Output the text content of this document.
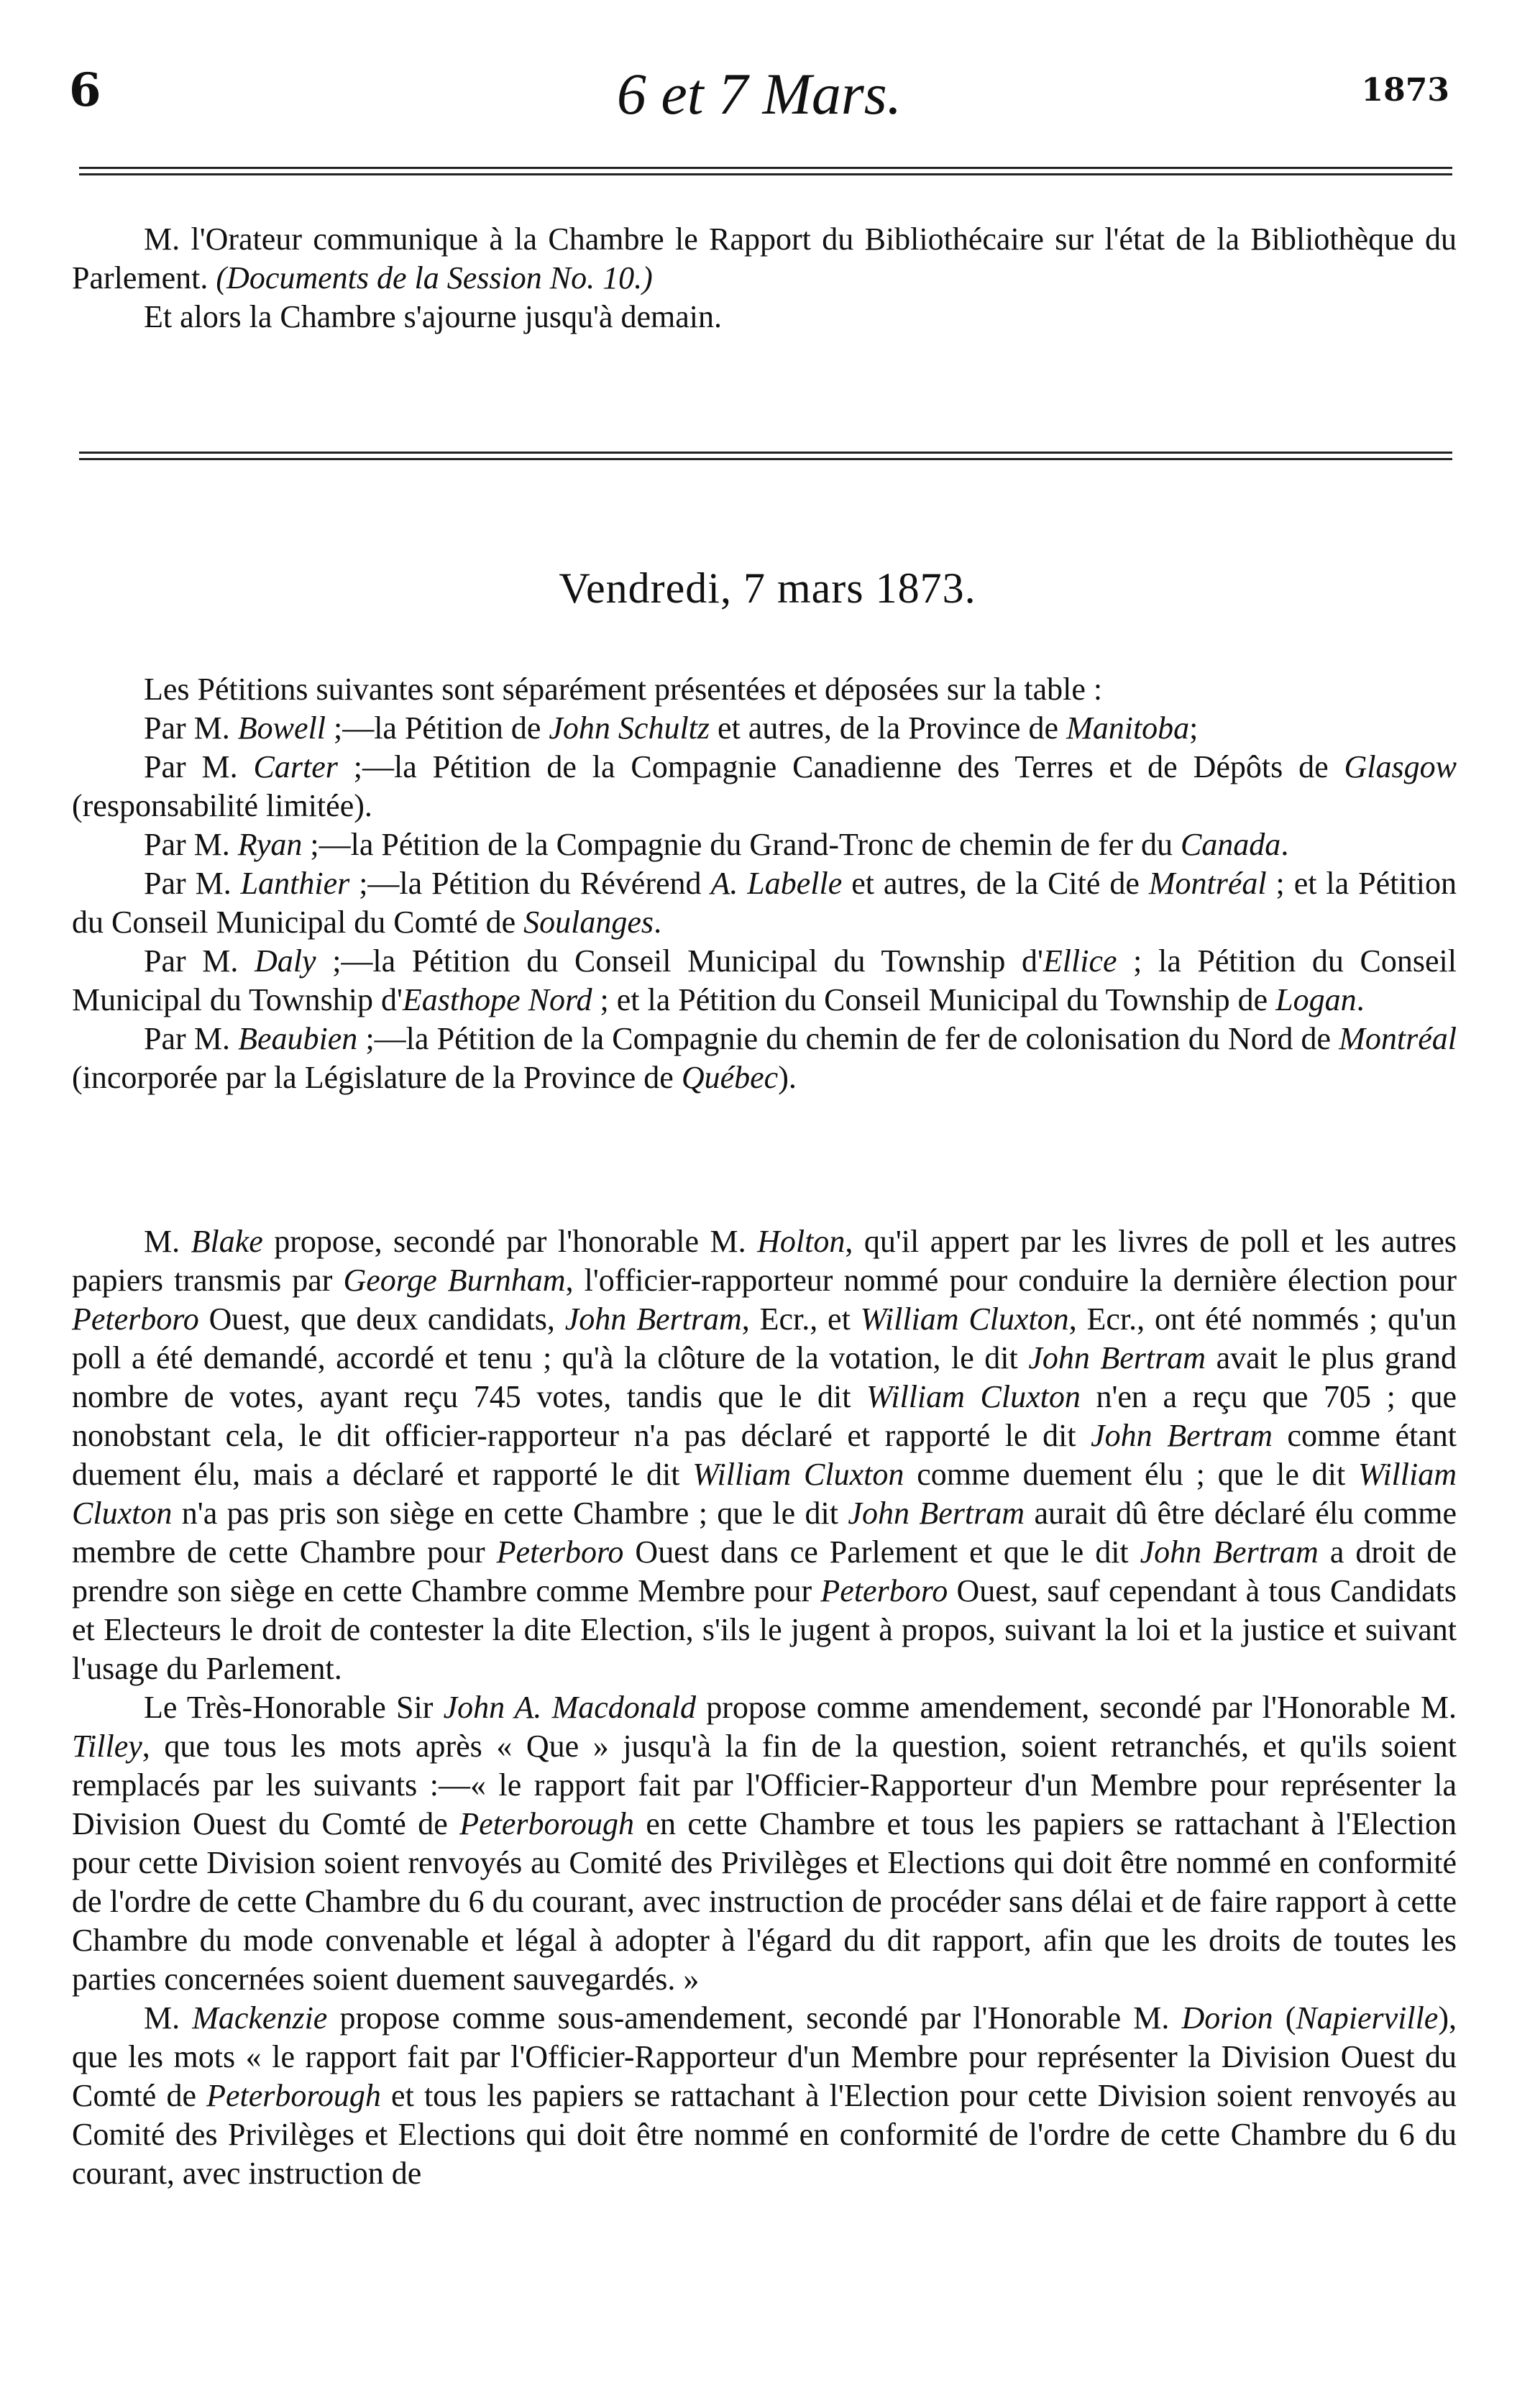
6	6 et 7 Mars.	1873

M. l'Orateur communique à la Chambre le Rapport du Bibliothécaire sur l'état de la Bibliothèque du Parlement. (Documents de la Session No. 10.)

Et alors la Chambre s'ajourne jusqu'à demain.

Vendredi, 7 mars 1873.

Les Pétitions suivantes sont séparément présentées et déposées sur la table :

Par M. Bowell ;—la Pétition de John Schultz et autres, de la Province de Manitoba;

Par M. Carter ;—la Pétition de la Compagnie Canadienne des Terres et de Dépôts de Glasgow (responsabilité limitée).

Par M. Ryan ;—la Pétition de la Compagnie du Grand-Tronc de chemin de fer du Canada.

Par M. Lanthier ;—la Pétition du Révérend A. Labelle et autres, de la Cité de Montréal ; et la Pétition du Conseil Municipal du Comté de Soulanges.

Par M. Daly ;—la Pétition du Conseil Municipal du Township d'Ellice ; la Pétition du Conseil Municipal du Township d'Easthope Nord ; et la Pétition du Conseil Municipal du Township de Logan.

Par M. Beaubien ;—la Pétition de la Compagnie du chemin de fer de colonisation du Nord de Montréal (incorporée par la Législature de la Province de Québec).

M. Blake propose, secondé par l'honorable M. Holton, qu'il appert par les livres de poll et les autres papiers transmis par George Burnham, l'officier-rapporteur nommé pour conduire la dernière élection pour Peterboro Ouest, que deux candidats, John Bertram, Ecr., et William Cluxton, Ecr., ont été nommés ; qu'un poll a été demandé, accordé et tenu ; qu'à la clôture de la votation, le dit John Bertram avait le plus grand nombre de votes, ayant reçu 745 votes, tandis que le dit William Cluxton n'en a reçu que 705 ; que nonobstant cela, le dit officier-rapporteur n'a pas déclaré et rapporté le dit John Bertram comme étant duement élu, mais a déclaré et rapporté le dit William Cluxton comme duement élu ; que le dit William Cluxton n'a pas pris son siège en cette Chambre ; que le dit John Bertram aurait dû être déclaré élu comme membre de cette Chambre pour Peterboro Ouest dans ce Parlement et que le dit John Bertram a droit de prendre son siège en cette Chambre comme Membre pour Peterboro Ouest, sauf cependant à tous Candidats et Electeurs le droit de contester la dite Election, s'ils le jugent à propos, suivant la loi et la justice et suivant l'usage du Parlement.

Le Très-Honorable Sir John A. Macdonald propose comme amendement, secondé par l'Honorable M. Tilley, que tous les mots après « Que » jusqu'à la fin de la question, soient retranchés, et qu'ils soient remplacés par les suivants :—« le rapport fait par l'Officier-Rapporteur d'un Membre pour représenter la Division Ouest du Comté de Peterborough en cette Chambre et tous les papiers se rattachant à l'Election pour cette Division soient renvoyés au Comité des Privilèges et Elections qui doit être nommé en conformité de l'ordre de cette Chambre du 6 du courant, avec instruction de procéder sans délai et de faire rapport à cette Chambre du mode convenable et légal à adopter à l'égard du dit rapport, afin que les droits de toutes les parties concernées soient duement sauvegardés. »

M. Mackenzie propose comme sous-amendement, secondé par l'Honorable M. Dorion (Napierville), que les mots « le rapport fait par l'Officier-Rapporteur d'un Membre pour représenter la Division Ouest du Comté de Peterborough et tous les papiers se rattachant à l'Election pour cette Division soient renvoyés au Comité des Privilèges et Elections qui doit être nommé en conformité de l'ordre de cette Chambre du 6 du courant, avec instruction de
